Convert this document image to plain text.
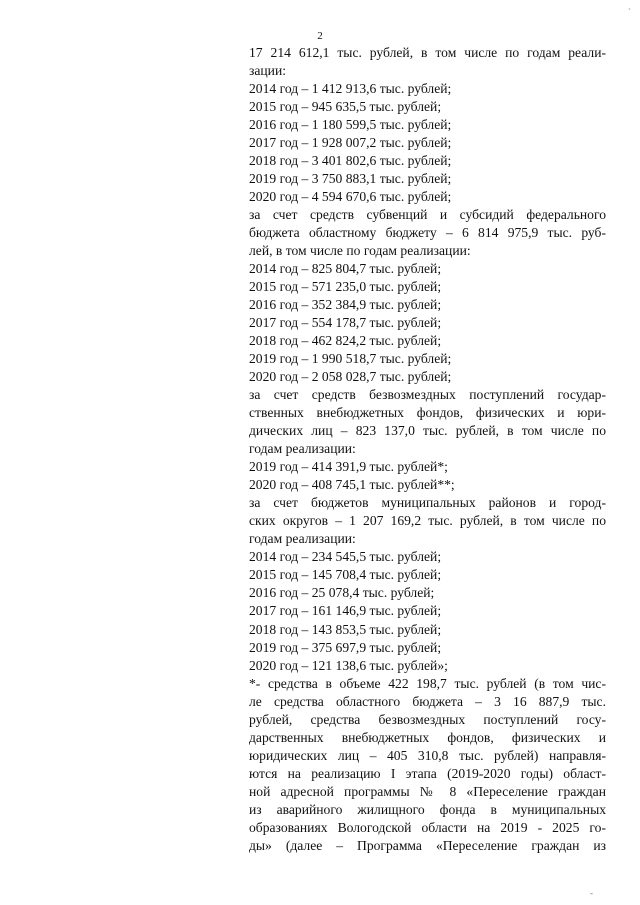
ˏ
2
17 214 612,1 тыс. рублей, в том числе по годам реали-
зации:
2014 год – 1 412 913,6 тыс. рублей;
2015 год – 945 635,5 тыс. рублей;
2016 год – 1 180 599,5 тыс. рублей;
2017 год – 1 928 007,2 тыс. рублей;
2018 год – 3 401 802,6 тыс. рублей;
2019 год – 3 750 883,1 тыс. рублей;
2020 год – 4 594 670,6 тыс. рублей;
за счет средств субвенций и субсидий федерального
бюджета областному бюджету – 6 814 975,9 тыс. руб-
лей, в том числе по годам реализации:
2014 год – 825 804,7 тыс. рублей;
2015 год – 571 235,0 тыс. рублей;
2016 год – 352 384,9 тыс. рублей;
2017 год – 554 178,7 тыс. рублей;
2018 год – 462 824,2 тыс. рублей;
2019 год – 1 990 518,7 тыс. рублей;
2020 год – 2 058 028,7 тыс. рублей;
за счет средств безвозмездных поступлений государ-
ственных внебюджетных фондов, физических и юри-
дических лиц – 823 137,0 тыс. рублей, в том числе по
годам реализации:
2019 год – 414 391,9 тыс. рублей*;
2020 год – 408 745,1 тыс. рублей**;
за счет бюджетов муниципальных районов и город-
ских округов – 1 207 169,2 тыс. рублей, в том числе по
годам реализации:
2014 год – 234 545,5 тыс. рублей;
2015 год – 145 708,4 тыс. рублей;
2016 год – 25 078,4 тыс. рублей;
2017 год – 161 146,9 тыс. рублей;
2018 год – 143 853,5 тыс. рублей;
2019 год – 375 697,9 тыс. рублей;
2020 год – 121 138,6 тыс. рублей»;
*- средства в объеме 422 198,7 тыс. рублей (в том чис-
ле средства областного бюджета – 3 16 887,9 тыс.
рублей, средства безвозмездных поступлений госу-
дарственных внебюджетных фондов, физических и
юридических лиц – 405 310,8 тыс. рублей) направля-
ются на реализацию I этапа (2019-2020 годы) област-
ной адресной программы № 8 «Переселение граждан
из аварийного жилищного фонда в муниципальных
образованиях Вологодской области на 2019 - 2025 го-
ды» (далее – Программа «Переселение граждан из
-
